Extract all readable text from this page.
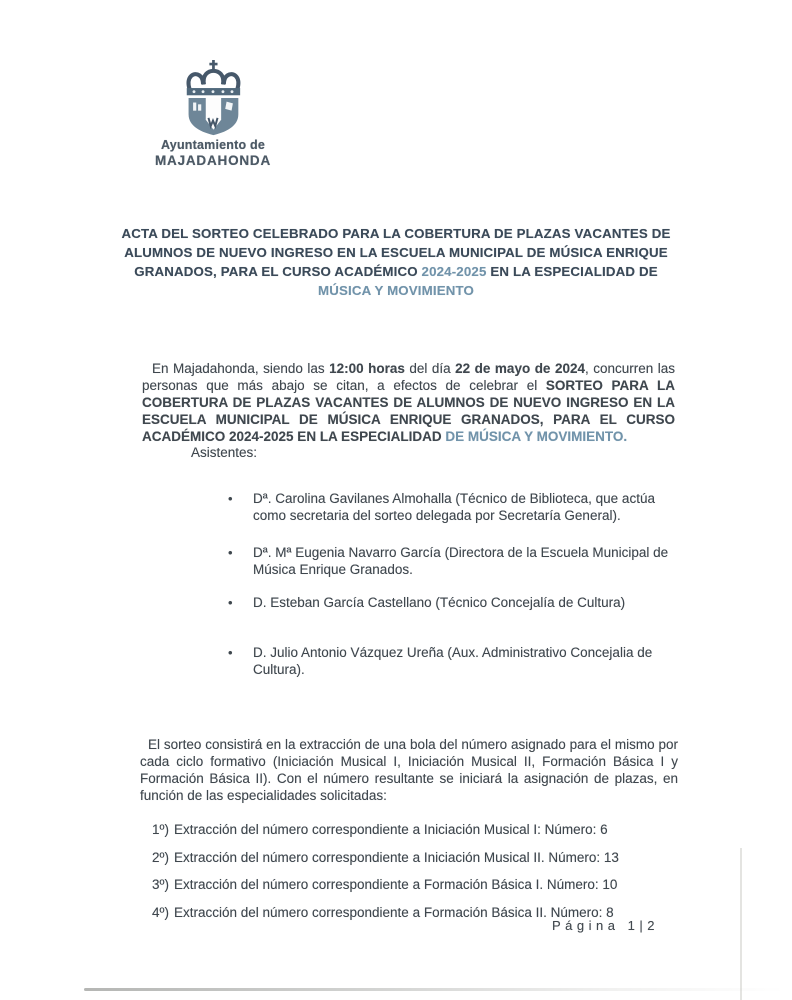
Ayuntamiento de
MAJADAHONDA
ACTA DEL SORTEO CELEBRADO PARA LA COBERTURA DE PLAZAS VACANTES DE ALUMNOS DE NUEVO INGRESO EN LA ESCUELA MUNICIPAL DE MÚSICA ENRIQUE GRANADOS, PARA EL CURSO ACADÉMICO 2024-2025 EN LA ESPECIALIDAD DE MÚSICA Y MOVIMIENTO

En Majadahonda, siendo las 12:00 horas del día 22 de mayo de 2024, concurren las personas que más abajo se citan, a efectos de celebrar el SORTEO PARA LA COBERTURA DE PLAZAS VACANTES DE ALUMNOS DE NUEVO INGRESO EN LA ESCUELA MUNICIPAL DE MÚSICA ENRIQUE GRANADOS, PARA EL CURSO ACADÉMICO 2024-2025 EN LA ESPECIALIDAD DE MÚSICA Y MOVIMIENTO.

Asistentes:
•	Dª. Carolina Gavilanes Almohalla (Técnico de Biblioteca, que actúa como secretaria del sorteo delegada por Secretaría General).
•	Dª. Mª Eugenia Navarro García (Directora de la Escuela Municipal de Música Enrique Granados.
•	D. Esteban García Castellano (Técnico Concejalía de Cultura)
•	D. Julio Antonio Vázquez Ureña (Aux. Administrativo Concejalia de Cultura).

El sorteo consistirá en la extracción de una bola del número asignado para el mismo por cada ciclo formativo (Iniciación Musical I, Iniciación Musical II, Formación Básica I y Formación Básica II). Con el número resultante se iniciará la asignación de plazas, en función de las especialidades solicitadas:

1º) Extracción del número correspondiente a Iniciación Musical I: Número: 6
2º) Extracción del número correspondiente a Iniciación Musical II. Número: 13
3º) Extracción del número correspondiente a Formación Básica I. Número: 10
4º) Extracción del número correspondiente a Formación Básica II. Número: 8
Página 1|2
